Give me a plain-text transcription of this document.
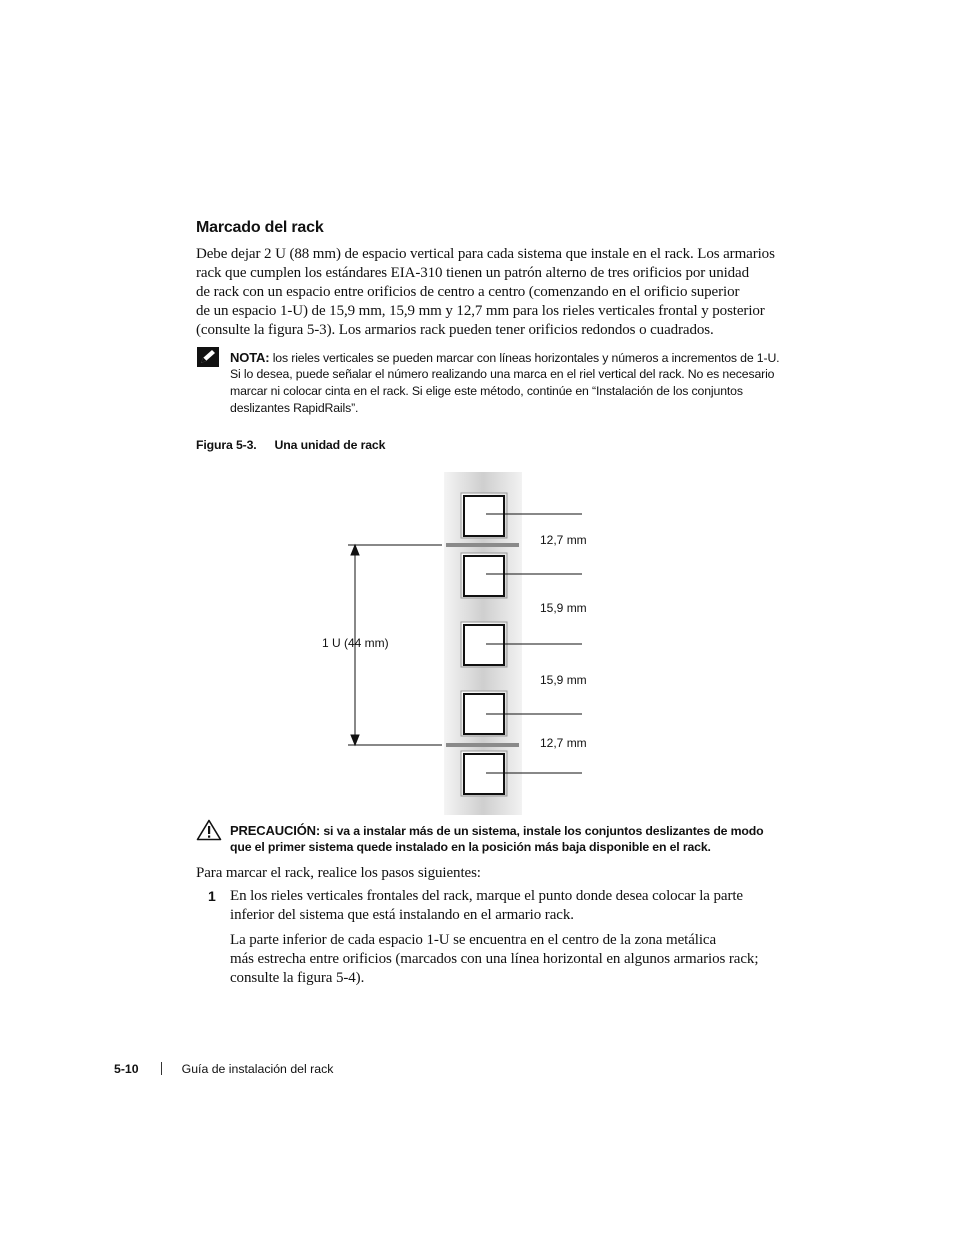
Marcado del rack
Debe dejar 2 U (88 mm) de espacio vertical para cada sistema que instale en el rack. Los armarios
rack que cumplen los estándares EIA-310 tienen un patrón alterno de tres orificios por unidad
de rack con un espacio entre orificios de centro a centro (comenzando en el orificio superior
de un espacio 1-U) de 15,9 mm, 15,9 mm y 12,7 mm para los rieles verticales frontal y posterior
(consulte la figura 5-3). Los armarios rack pueden tener orificios redondos o cuadrados.
NOTA: los rieles verticales se pueden marcar con líneas horizontales y números a incrementos de 1-U.
Si lo desea, puede señalar el número realizando una marca en el riel vertical del rack. No es necesario
marcar ni colocar cinta en el rack. Si elige este método, continúe en “Instalación de los conjuntos
deslizantes RapidRails”.
Figura 5-3. Una unidad de rack
1 U (44 mm)
12,7 mm
15,9 mm
15,9 mm
12,7 mm
PRECAUCIÓN: si va a instalar más de un sistema, instale los conjuntos deslizantes de modo
que el primer sistema quede instalado en la posición más baja disponible en el rack.
Para marcar el rack, realice los pasos siguientes:
1 En los rieles verticales frontales del rack, marque el punto donde desea colocar la parte
inferior del sistema que está instalando en el armario rack.
La parte inferior de cada espacio 1-U se encuentra en el centro de la zona metálica
más estrecha entre orificios (marcados con una línea horizontal en algunos armarios rack;
consulte la figura 5-4).
5-10	Guía de instalación del rack
